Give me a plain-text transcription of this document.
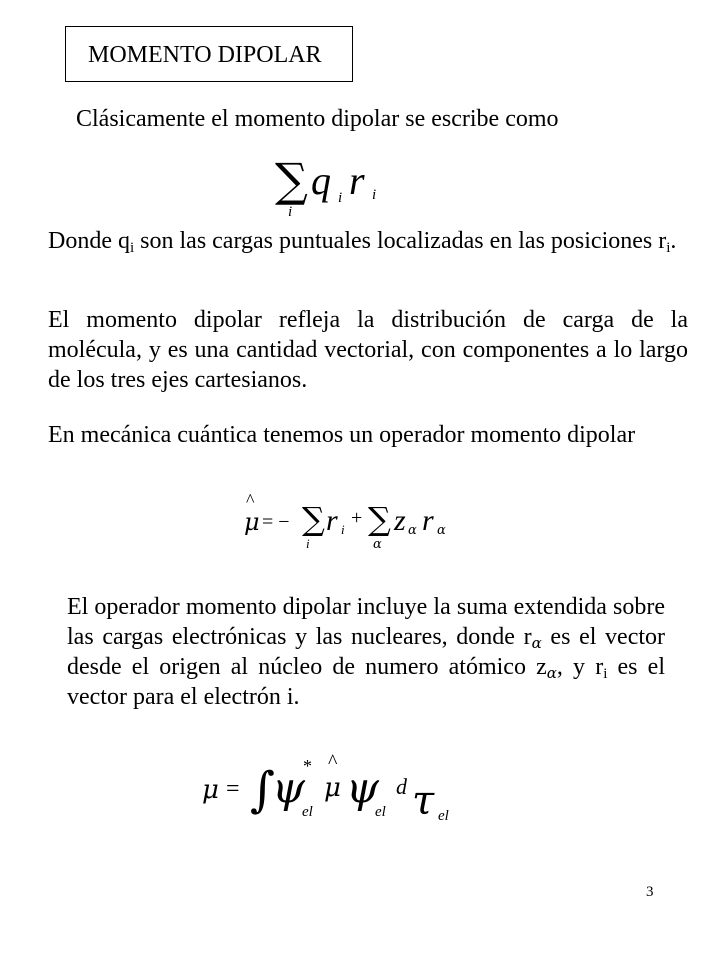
MOMENTO DIPOLAR
Clásicamente el momento dipolar se escribe como
∑
i
q i r i
Donde $q_i$ son las cargas puntuales localizadas en las posiciones $r_i$.
El momento dipolar refleja la distribución de carga de la molécula, y es una cantidad vectorial, con componentes a lo largo de los tres ejes cartesianos.
En mecánica cuántica tenemos un operador momento dipolar
^
μ = − ∑
i
r i
+ ∑
α
z α r α
El operador momento dipolar incluye la suma extendida sobre las cargas electrónicas y las nucleares, donde $r_\alpha$ es el vector desde el origen al núcleo de numero atómico $z_\alpha$, y $r_i$ es el vector para el electrón i.
μ = ∫
ψ
*
el
^
μ ψ
el
d τ el
3
